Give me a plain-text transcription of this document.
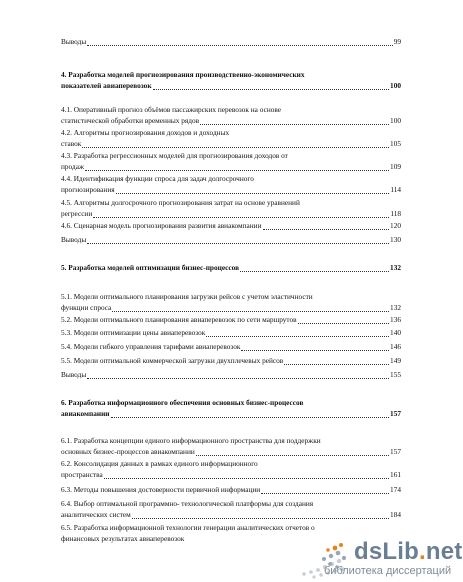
Выводы	99
4. Разработка моделей прогнозирования производственно-экономических
показателей авиаперевозок	100
4.1. Оперативный прогноз объёмов пассажирских перевозок на основе
статистической обработки временных рядов	100
4.2. Алгоритмы прогнозирования доходов и доходных
ставок	105
4.3. Разработка регрессионных моделей для прогнозирования доходов от
продаж	109
4.4. Идентификация функции спроса для задач долгосрочного
прогнозирования	114
4.5. Алгоритмы долгосрочного прогнозирования затрат на основе уравнений
регрессии	118
4.6. Сценарная модель прогнозирования развития авиакомпании	120
Выводы	130
5. Разработка моделей оптимизации бизнес-процессов	132
5.1. Модели оптимального планирования загрузки рейсов с учетом эластичности
функции спроса	132
5.2. Модели оптимального планирования авиаперевозок по сети маршрутов	136
5.3. Модели оптимизации цены авиаперевозок	140
5.4. Модели гибкого управления тарифами авиаперевозок	146
5.5. Модели оптимальной коммерческой загрузки двухплечевых рейсов	149
Выводы	155
6. Разработка информационного обеспечения основных бизнес-процессов
авиакомпании	157
6.1. Разработка концепции единого информационного пространства для поддержки
основных бизнес-процессов авиакомпании	157
6.2. Консолидация данных в рамках единого информационного
пространства	161
6.3. Методы повышения достоверности первичной информации	174
6.4. Выбор оптимальной программно- технологической платформы для создания
аналитических систем	184
6.5. Разработка информационной технологии генерации аналитических отчетов о
финансовых результатах авиаперевозок	dsLib.net
библиотека диссертаций
